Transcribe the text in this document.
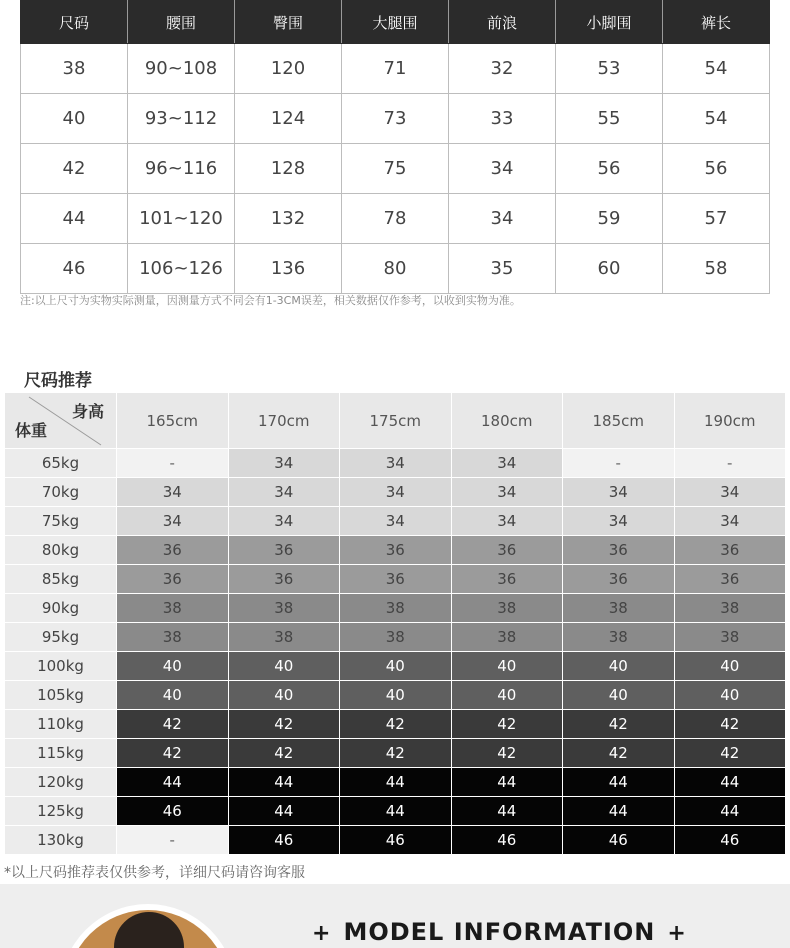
尺码	腰围	臀围	大腿围	前浪	小脚围	裤长
38	90~108	120	71	32	53	54
40	93~112	124	73	33	55	54
42	96~116	128	75	34	56	56
44	101~120	132	78	34	59	57
46	106~126	136	80	35	60	58
注:以上尺寸为实物实际测量，因测量方式不同会有1-3CM误差，相关数据仅作参考，以收到实物为准。
尺码推荐
身高
体重	165cm	170cm	175cm	180cm	185cm	190cm
65kg	-	34	34	34	-	-
70kg	34	34	34	34	34	34
75kg	34	34	34	34	34	34
80kg	36	36	36	36	36	36
85kg	36	36	36	36	36	36
90kg	38	38	38	38	38	38
95kg	38	38	38	38	38	38
100kg	40	40	40	40	40	40
105kg	40	40	40	40	40	40
110kg	42	42	42	42	42	42
115kg	42	42	42	42	42	42
120kg	44	44	44	44	44	44
125kg	46	44	44	44	44	44
130kg	-	46	46	46	46	46
*以上尺码推荐表仅供参考，详细尺码请咨询客服
+ MODEL INFORMATION +
